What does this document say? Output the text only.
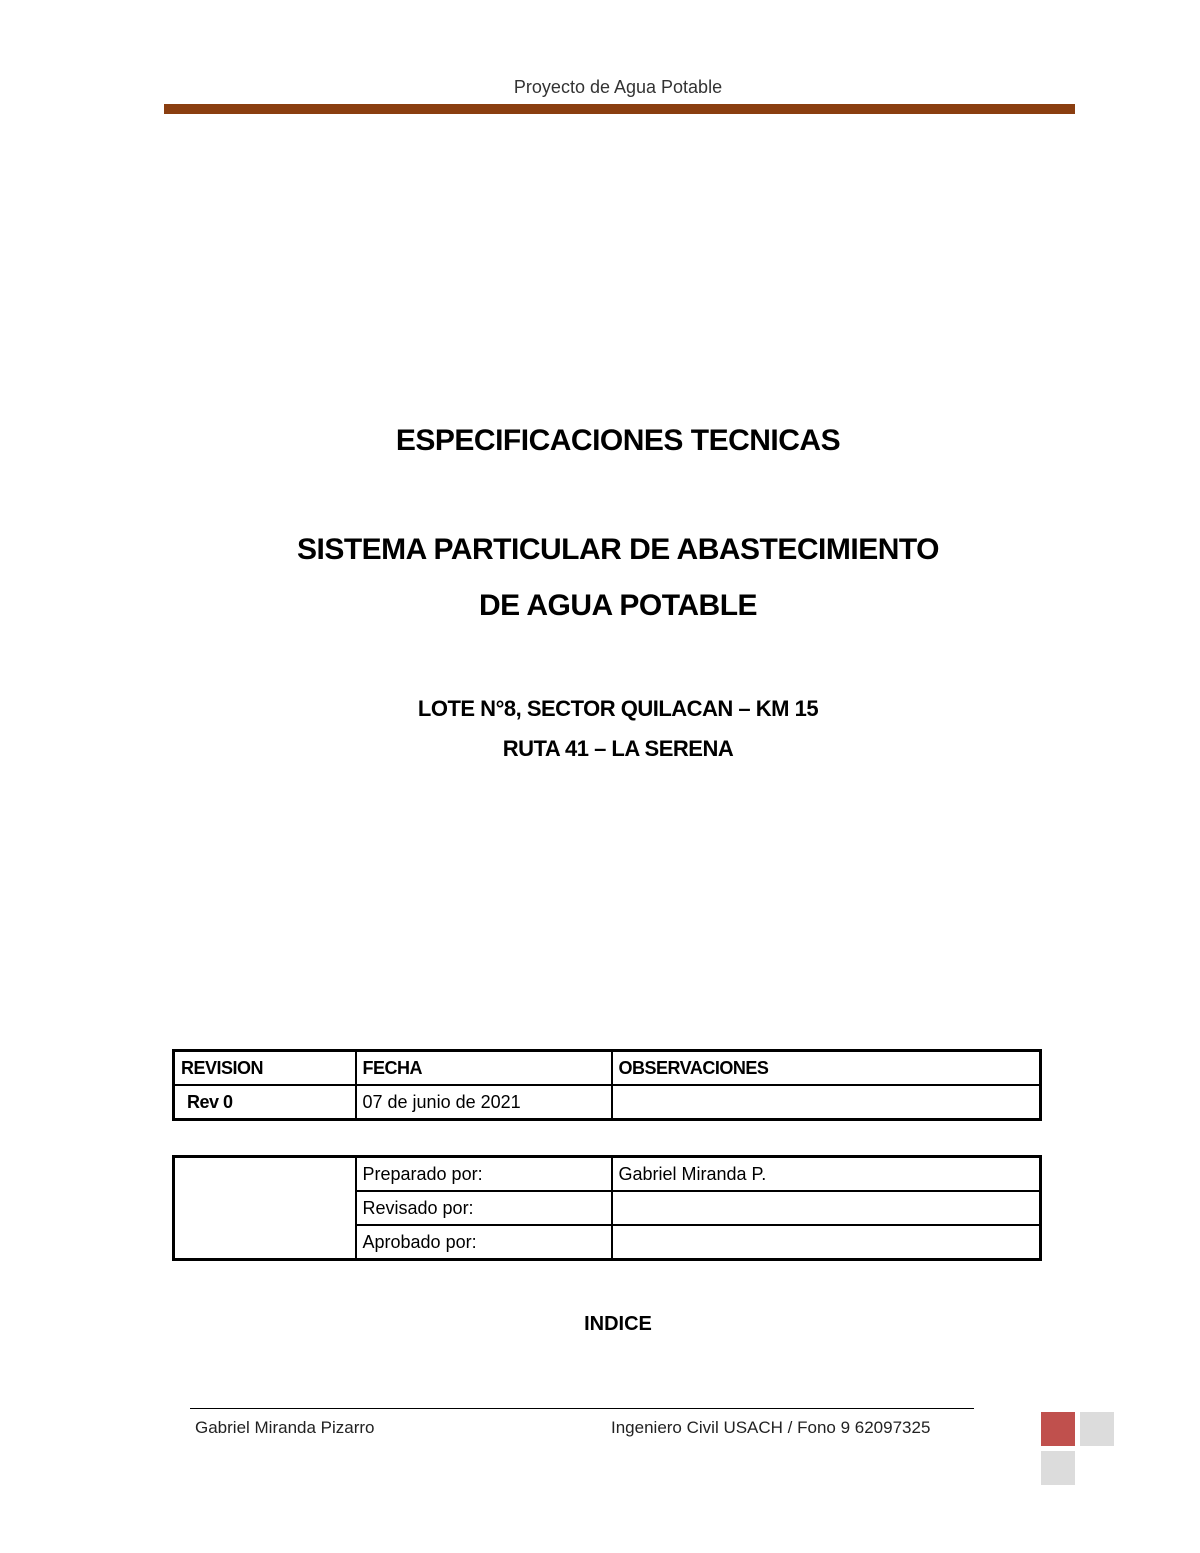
Proyecto de Agua Potable
ESPECIFICACIONES TECNICAS
SISTEMA PARTICULAR DE ABASTECIMIENTO
DE AGUA POTABLE
LOTE N°8, SECTOR QUILACAN – KM 15
RUTA 41 – LA SERENA
REVISION	FECHA	OBSERVACIONES
Rev 0	07 de junio de 2021	
	Preparado por:	Gabriel Miranda P.
	Revisado por:	
	Aprobado por:	
INDICE
Gabriel Miranda Pizarro	Ingeniero Civil USACH / Fono 9 62097325
